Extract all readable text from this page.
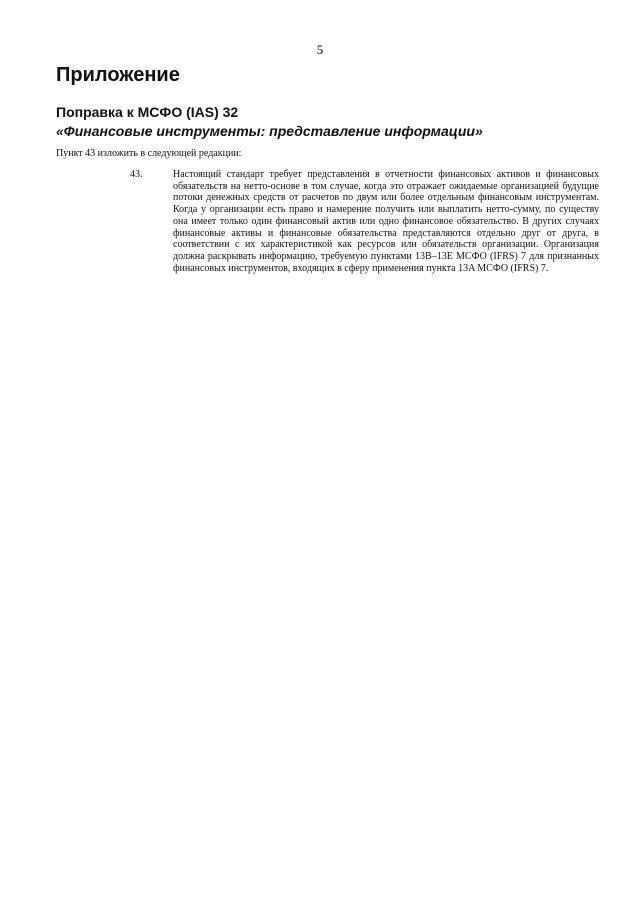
5
Приложение
Поправка к МСФО (IAS) 32
«Финансовые инструменты: представление информации»
Пункт 43 изложить в следующей редакции:
43.	Настоящий стандарт требует представления в отчетности финансовых активов и финансовых обязательств на нетто-основе в том случае, когда это отражает ожидаемые организацией будущие потоки денежных средств от расчетов по двум или более отдельным финансовым инструментам. Когда у организации есть право и намерение получить или выплатить нетто-сумму, по существу она имеет только один финансовый актив или одно финансовое обязательство. В других случаях финансовые активы и финансовые обязательства представляются отдельно друг от друга, в соответствии с их характеристикой как ресурсов или обязательств организации. Организация должна раскрывать информацию, требуемую пунктами 13B–13E МСФО (IFRS) 7 для признанных финансовых инструментов, входящих в сферу применения пункта 13A МСФО (IFRS) 7.
